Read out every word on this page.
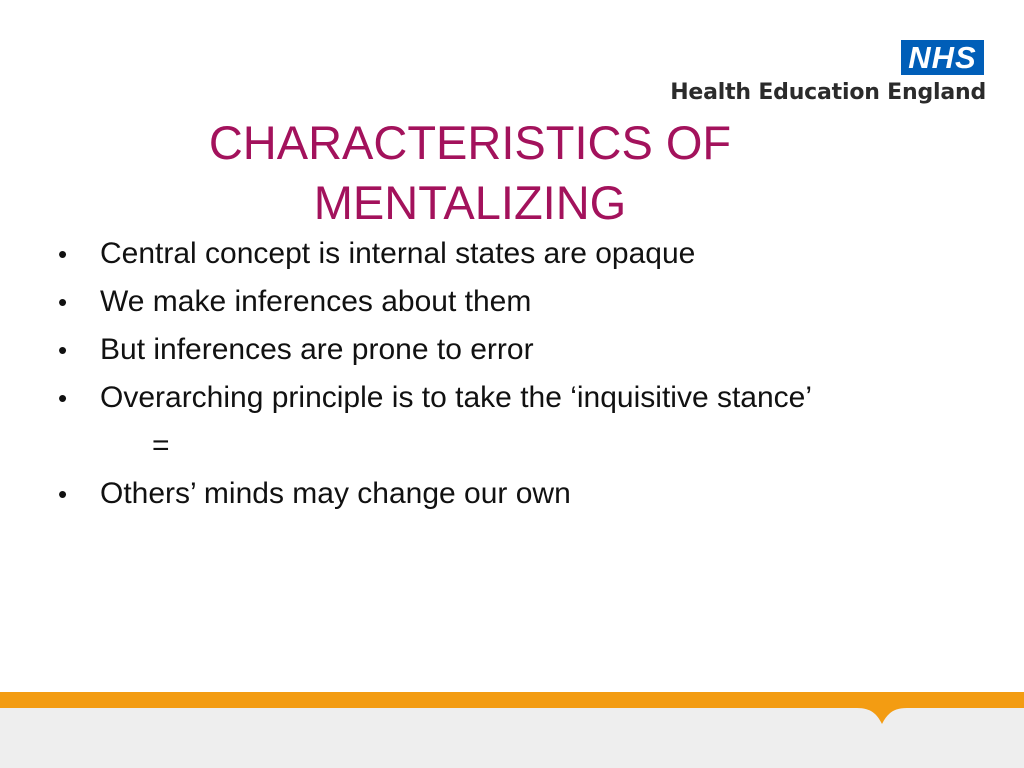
NHS
Health Education England
CHARACTERISTICS OF
MENTALIZING
•	Central concept is internal states are opaque
•	We make inferences about them
•	But inferences are prone to error
•	Overarching principle is to take the ‘inquisitive stance’
=
•	Others’ minds may change our own
